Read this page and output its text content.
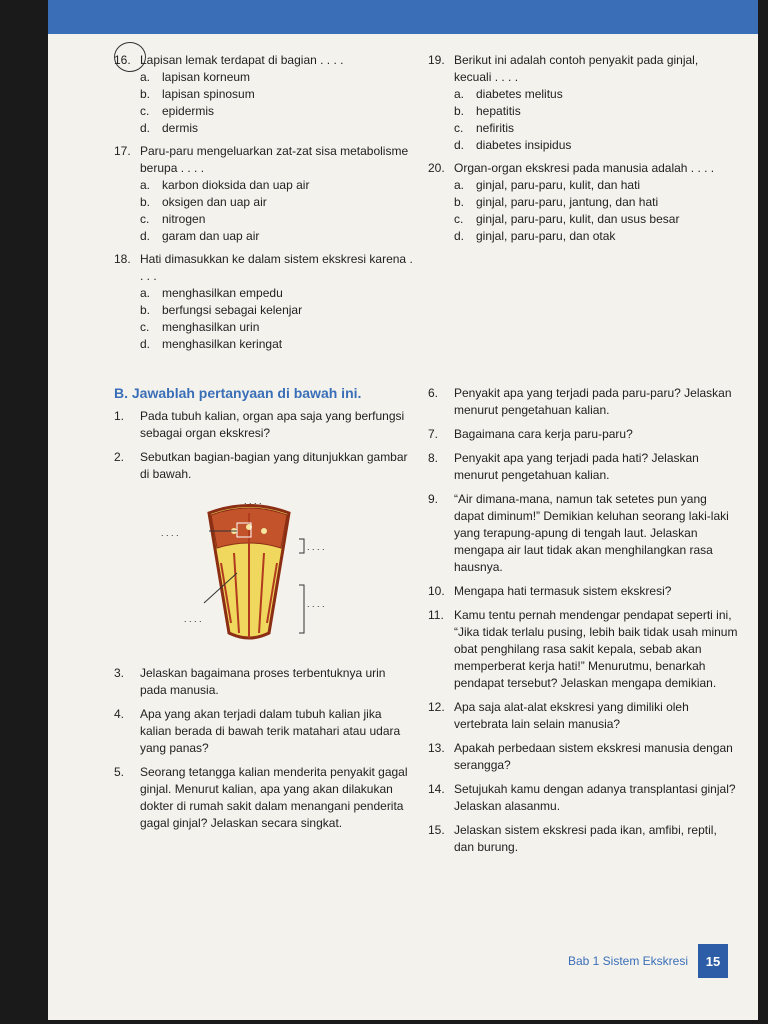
16. Lapisan lemak terdapat di bagian . . . .
a. lapisan korneum
b. lapisan spinosum
c. epidermis
d. dermis
17. Paru-paru mengeluarkan zat-zat sisa metabolisme berupa . . . .
a. karbon dioksida dan uap air
b. oksigen dan uap air
c. nitrogen
d. garam dan uap air
18. Hati dimasukkan ke dalam sistem ekskresi karena . . . .
a. menghasilkan empedu
b. berfungsi sebagai kelenjar
c. menghasilkan urin
d. menghasilkan keringat
19. Berikut ini adalah contoh penyakit pada ginjal, kecuali . . . .
a. diabetes melitus
b. hepatitis
c. nefiritis
d. diabetes insipidus
20. Organ-organ ekskresi pada manusia adalah . . . .
a. ginjal, paru-paru, kulit, dan hati
b. ginjal, paru-paru, jantung, dan hati
c. ginjal, paru-paru, kulit, dan usus besar
d. ginjal, paru-paru, dan otak
B. Jawablah pertanyaan di bawah ini.
1. Pada tubuh kalian, organ apa saja yang berfungsi sebagai organ ekskresi?
2. Sebutkan bagian-bagian yang ditunjukkan gambar di bawah.
. . . .
. . . .
. . . .
. . . .
. . . .
3. Jelaskan bagaimana proses terbentuknya urin pada manusia.
4. Apa yang akan terjadi dalam tubuh kalian jika kalian berada di bawah terik matahari atau udara yang panas?
5. Seorang tetangga kalian menderita penyakit gagal ginjal. Menurut kalian, apa yang akan dilakukan dokter di rumah sakit dalam menangani penderita gagal ginjal? Jelaskan secara singkat.
6. Penyakit apa yang terjadi pada paru-paru? Jelaskan menurut pengetahuan kalian.
7. Bagaimana cara kerja paru-paru?
8. Penyakit apa yang terjadi pada hati? Jelaskan menurut pengetahuan kalian.
9. “Air dimana-mana, namun tak setetes pun yang dapat diminum!” Demikian keluhan seorang laki-laki yang terapung-apung di tengah laut. Jelaskan mengapa air laut tidak akan menghilangkan rasa hausnya.
10. Mengapa hati termasuk sistem ekskresi?
11. Kamu tentu pernah mendengar pendapat seperti ini, “Jika tidak terlalu pusing, lebih baik tidak usah minum obat penghilang rasa sakit kepala, sebab akan memperberat kerja hati!” Menurutmu, benarkah pendapat tersebut? Jelaskan mengapa demikian.
12. Apa saja alat-alat ekskresi yang dimiliki oleh vertebrata lain selain manusia?
13. Apakah perbedaan sistem ekskresi manusia dengan serangga?
14. Setujukah kamu dengan adanya transplantasi ginjal? Jelaskan alasanmu.
15. Jelaskan sistem ekskresi pada ikan, amfibi, reptil, dan burung.
Bab 1 Sistem Ekskresi	15
